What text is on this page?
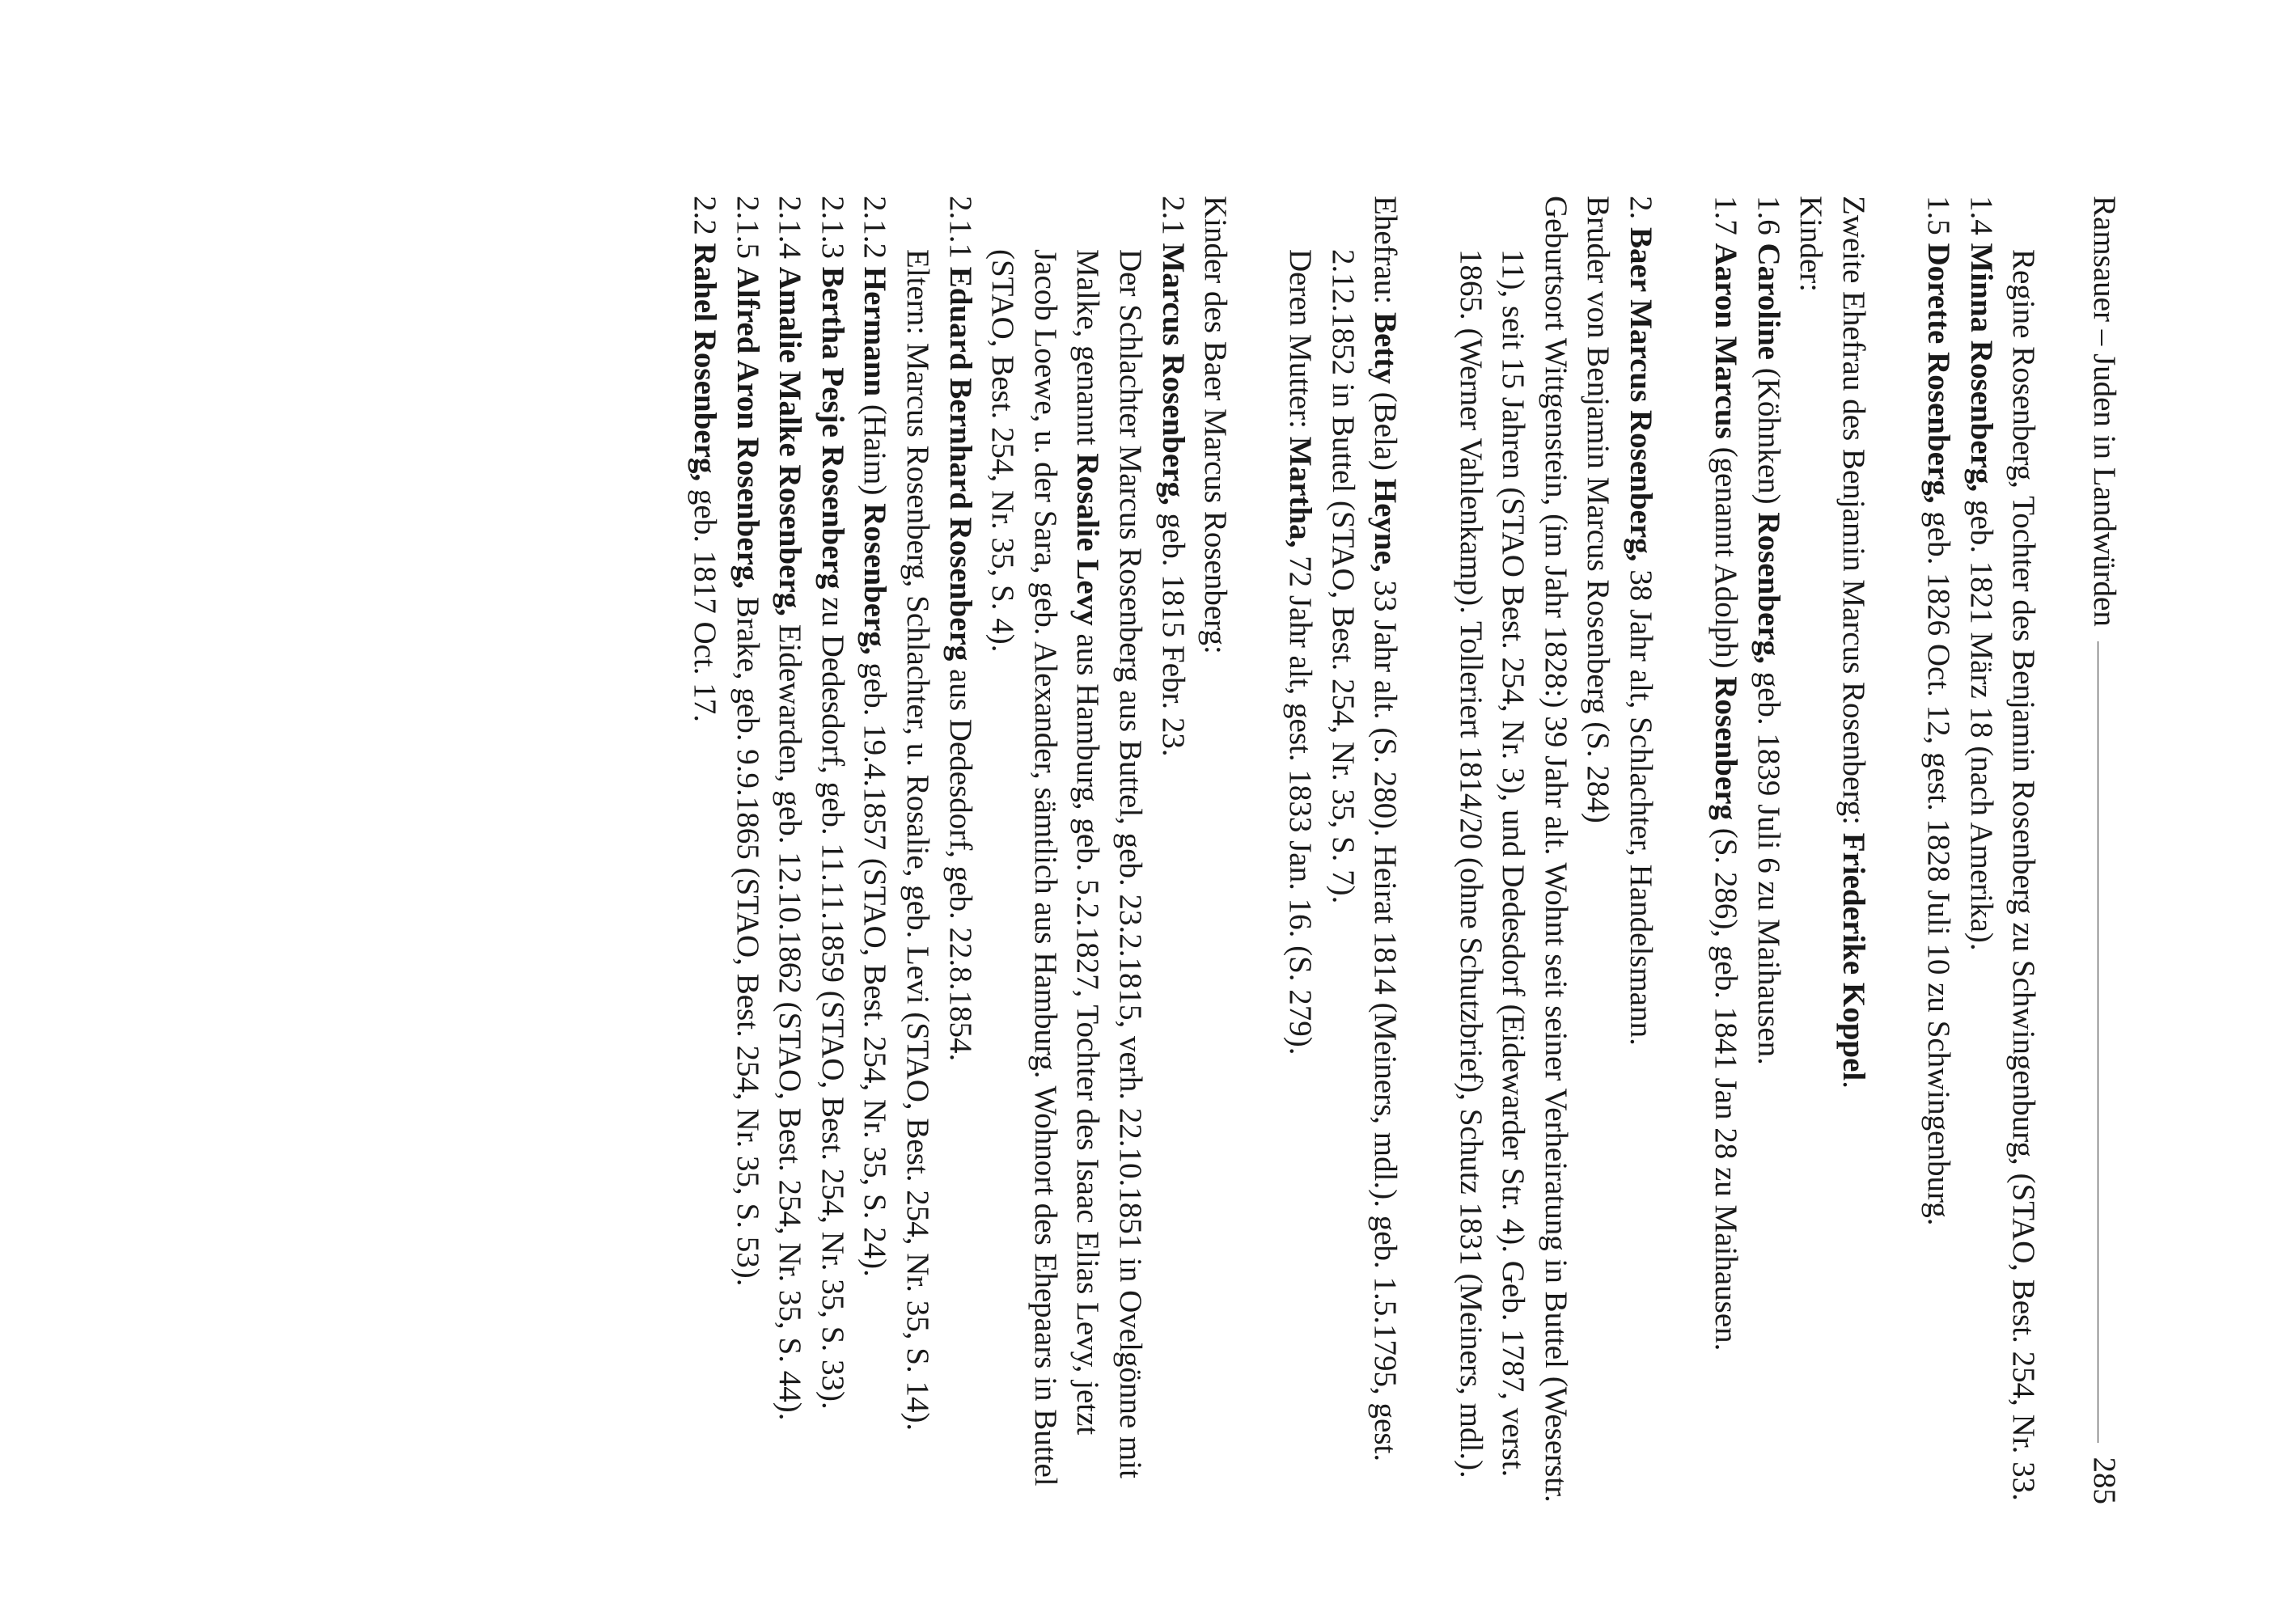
Ramsauer – Juden in Landwürden
285

Regine Rosenberg, Tochter des Benjamin Rosenberg zu Schwingenburg, (STAO, Best. 254, Nr. 33.

1.4 Minna Rosenberg, geb. 1821 März 18 (nach Amerika).

1.5 Dorette Rosenberg, geb. 1826 Oct. 12, gest. 1828 Juli 10 zu Schwingenburg.

Zweite Ehefrau des Benjamin Marcus Rosenberg: Friederike Koppel.

Kinder:

1.6 Caroline (Köhnken) Rosenberg, geb. 1839 Juli 6 zu Maihausen.

1.7 Aaron Marcus (genannt Adolph) Rosenberg (S. 286), geb. 1841 Jan 28 zu Maihausen.

2. Baer Marcus Rosenberg, 38 Jahr alt, Schlachter, Handelsmann.

Bruder von Benjamin Marcus Rosenberg (S. 284)

Geburtsort Wittgenstein, (im Jahr 1828:) 39 Jahr alt. Wohnt seit seiner Verheiratung in Buttel (Weserstr. 11), seit 15 Jahren (STAO Best. 254, Nr. 3), und Dedesdorf (Eidewarder Str. 4). Geb. 1787, verst. 1865. (Werner Vahlenkamp). Tolleriert 1814/20 (ohne Schutzbrief), Schutz 1831 (Meiners, mdl.).

Ehefrau: Betty (Bela) Heyne, 33 Jahr alt. (S. 280). Heirat 1814 (Meiners, mdl.). geb. 1.5.1795, gest. 2.12.1852 in Buttel (STAO, Best. 254, Nr. 35, S. 7).

Deren Mutter: Martha, 72 Jahr alt, gest. 1833 Jan. 16. (S. 279).

Kinder des Baer Marcus Rosenberg:

2.1 Marcus Rosenberg, geb. 1815 Febr. 23.

Der Schlachter Marcus Rosenberg aus Buttel, geb. 23.2.1815, verh. 22.10.1851 in Ovelgönne mit Malke, genannt Rosalie Levy aus Hamburg, geb. 5.2.1827, Tochter des Isaac Elias Levy, jetzt Jacob Loewe, u. der Sara, geb. Alexander, sämtlich aus Hamburg. Wohnort des Ehepaars in Buttel (STAO, Best. 254, Nr. 35, S. 4).

2.1.1 Eduard Bernhard Rosenberg aus Dedesdorf, geb. 22.8.1854.

Eltern: Marcus Rosenberg, Schlachter, u. Rosalie, geb. Levi (STAO, Best. 254, Nr. 35, S. 14).

2.1.2 Hermann (Haim) Rosenberg, geb. 19.4.1857 (STAO, Best. 254, Nr. 35, S. 24).

2.1.3 Bertha Pesje Rosenberg zu Dedesdorf, geb. 11.11.1859 (STAO, Best. 254, Nr. 35, S. 33).

2.1.4 Amalie Malke Rosenberg, Eidewarden, geb. 12.10.1862 (STAO, Best. 254, Nr. 35, S. 44).

2.1.5 Alfred Aron Rosenberg, Brake, geb. 9.9.1865 (STAO, Best. 254, Nr. 35, S. 53).

2.2 Rahel Rosenberg, geb. 1817 Oct. 17.
